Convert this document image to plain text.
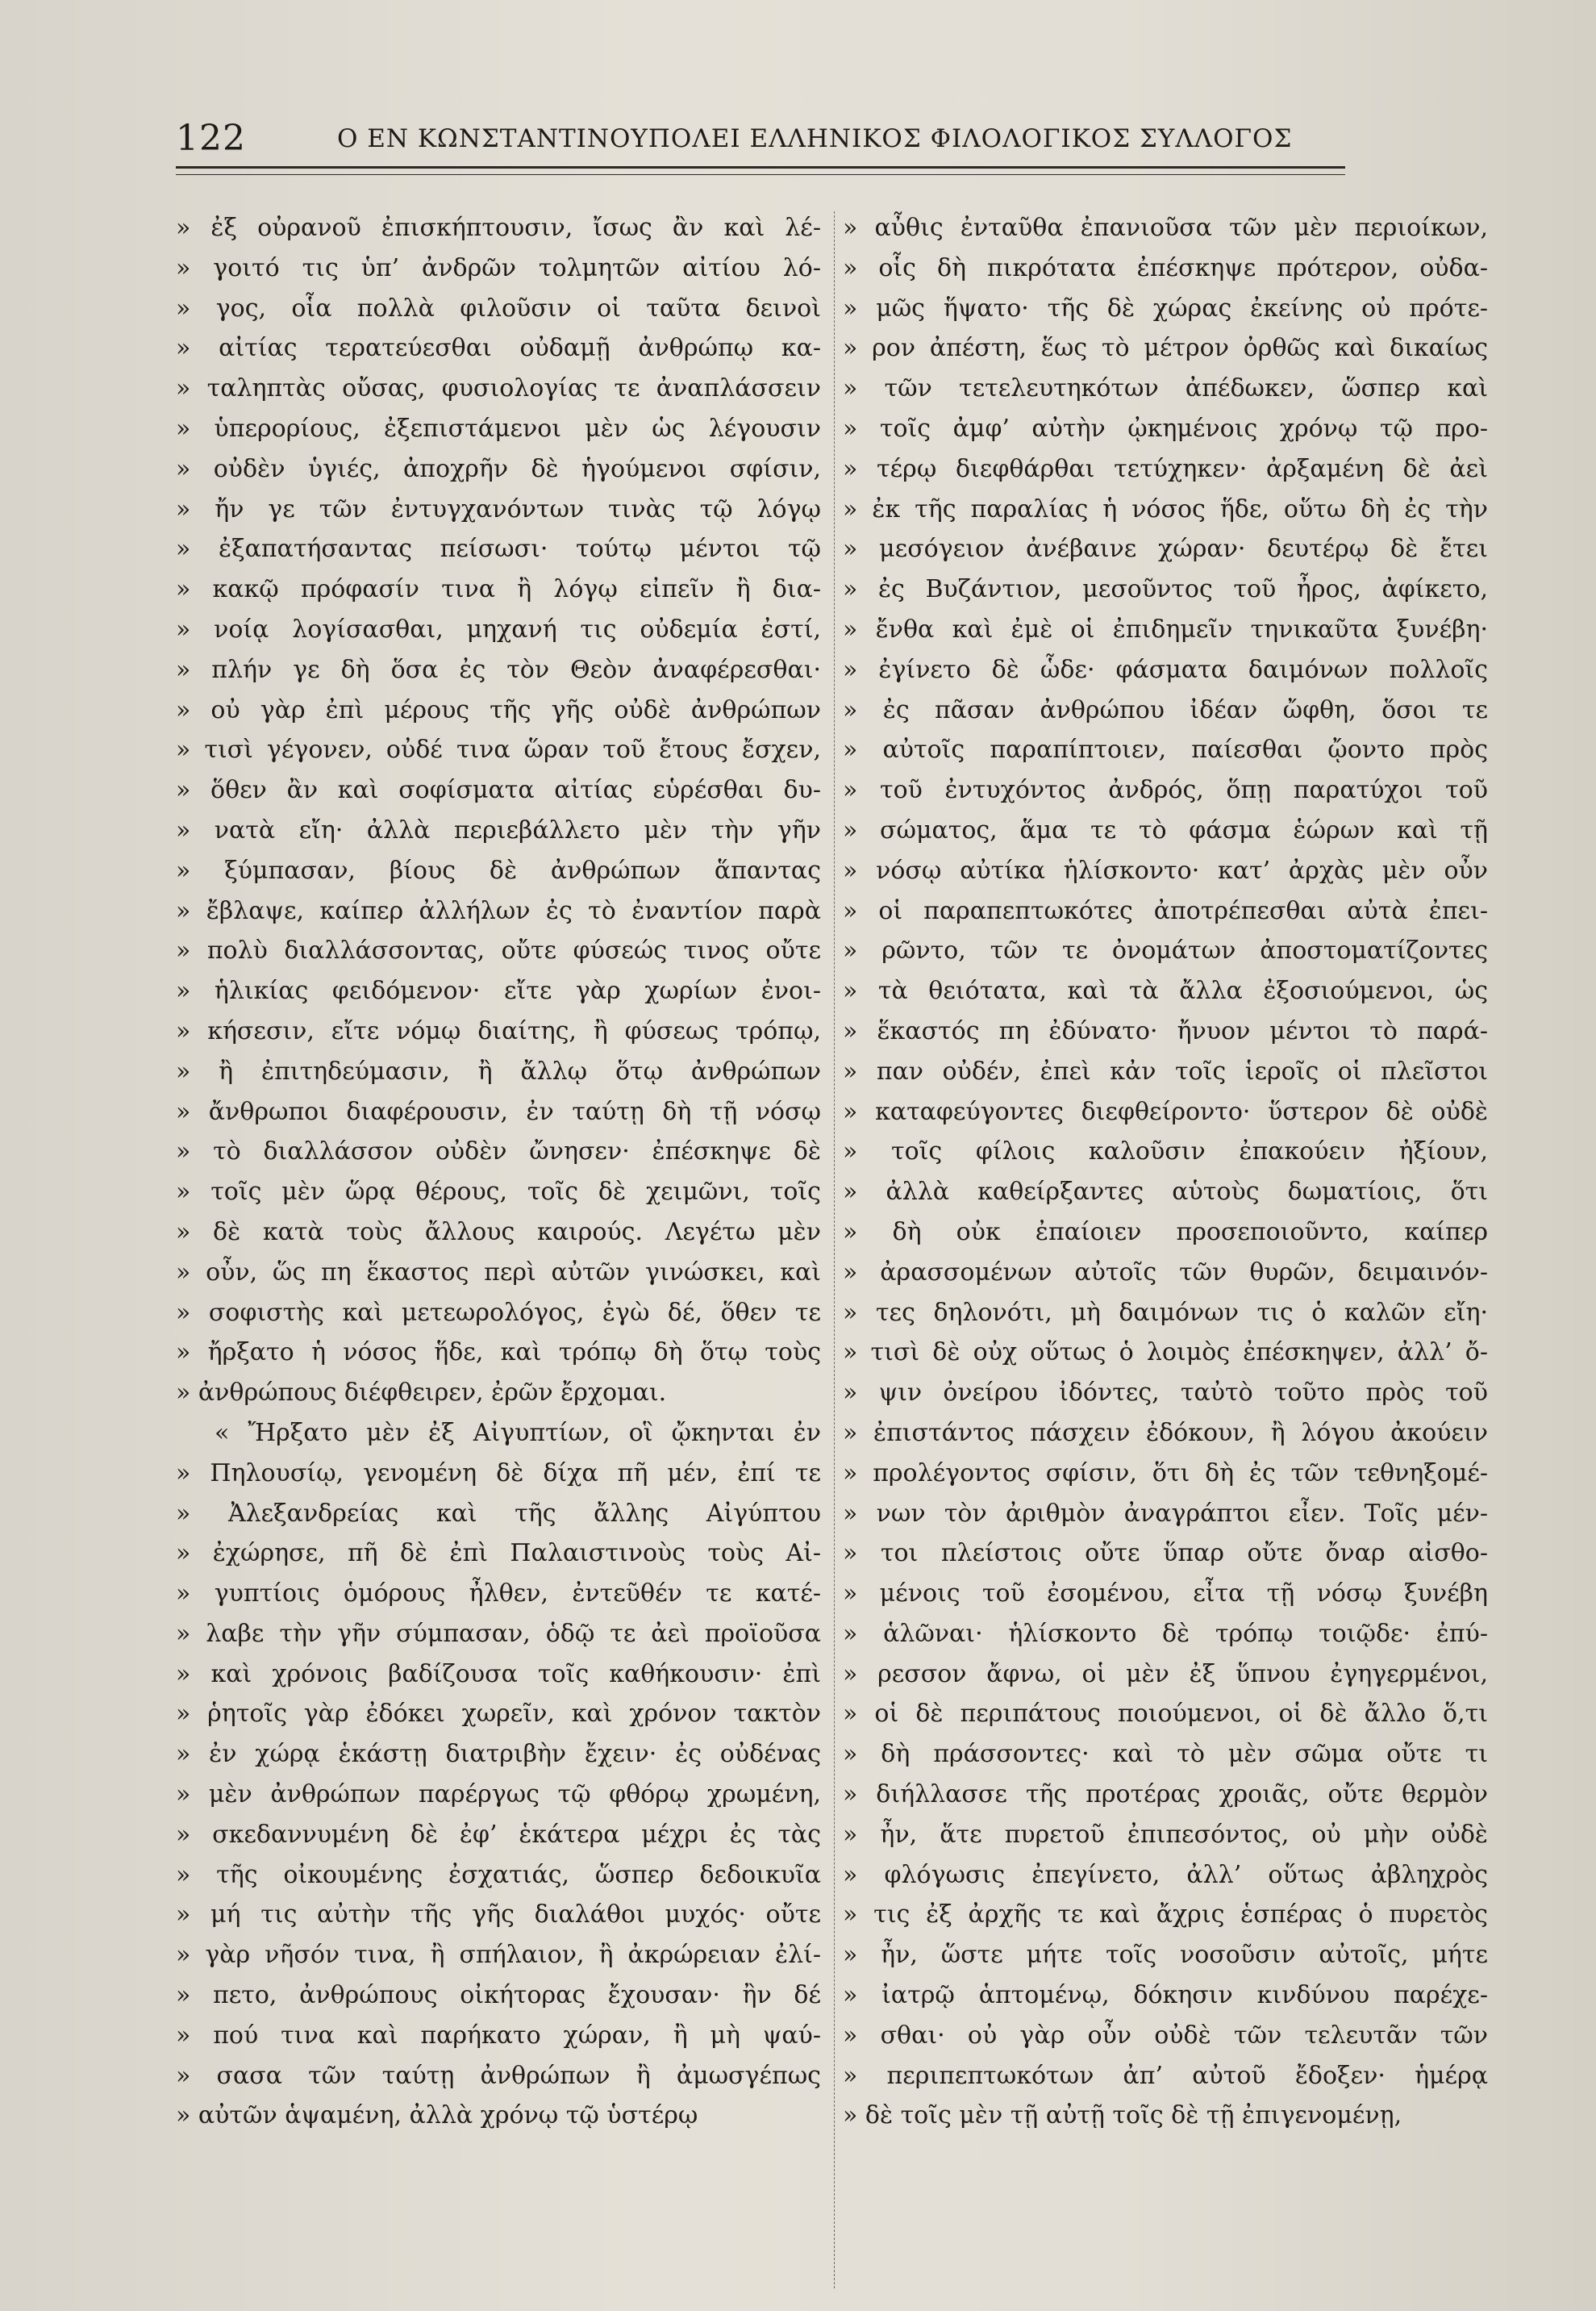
122	Ο ΕΝ ΚΩΝΣΤΑΝΤΙΝΟΥΠΟΛΕΙ ΕΛΛΗΝΙΚΟΣ ΦΙΛΟΛΟΓΙΚΟΣ ΣΥΛΛΟΓΟΣ
» ἐξ οὐρανοῦ ἐπισκήπτουσιν, ἴσως ἂν καὶ λέ-
» γοιτό τις ὑπ’ ἀνδρῶν τολμητῶν αἰτίου λό-
» γος, οἷα πολλὰ φιλοῦσιν οἱ ταῦτα δεινοὶ
» αἰτίας τερατεύεσθαι οὐδαμῇ ἀνθρώπῳ κα-
» ταληπτὰς οὔσας, φυσιολογίας τε ἀναπλάσσειν
» ὑπερορίους, ἐξεπιστάμενοι μὲν ὡς λέγουσιν
» οὐδὲν ὑγιές, ἀποχρῆν δὲ ἡγούμενοι σφίσιν,
» ἤν γε τῶν ἐντυγχανόντων τινὰς τῷ λόγῳ
» ἐξαπατήσαντας πείσωσι· τούτῳ μέντοι τῷ
» κακῷ πρόφασίν τινα ἢ λόγῳ εἰπεῖν ἢ δια-
» νοίᾳ λογίσασθαι, μηχανή τις οὐδεμία ἐστί,
» πλήν γε δὴ ὅσα ἐς τὸν Θεὸν ἀναφέρεσθαι·
» οὐ γὰρ ἐπὶ μέρους τῆς γῆς οὐδὲ ἀνθρώπων
» τισὶ γέγονεν, οὐδέ τινα ὥραν τοῦ ἔτους ἔσχεν,
» ὅθεν ἂν καὶ σοφίσματα αἰτίας εὑρέσθαι δυ-
» νατὰ εἴη· ἀλλὰ περιεβάλλετο μὲν τὴν γῆν
» ξύμπασαν, βίους δὲ ἀνθρώπων ἅπαντας
» ἔβλαψε, καίπερ ἀλλήλων ἐς τὸ ἐναντίον παρὰ
» πολὺ διαλλάσσοντας, οὔτε φύσεώς τινος οὔτε
» ἡλικίας φειδόμενον· εἴτε γὰρ χωρίων ἐνοι-
» κήσεσιν, εἴτε νόμῳ διαίτης, ἢ φύσεως τρόπῳ,
» ἢ ἐπιτηδεύμασιν, ἢ ἄλλῳ ὅτῳ ἀνθρώπων
» ἄνθρωποι διαφέρουσιν, ἐν ταύτῃ δὴ τῇ νόσῳ
» τὸ διαλλάσσον οὐδὲν ὤνησεν· ἐπέσκηψε δὲ
» τοῖς μὲν ὥρᾳ θέρους, τοῖς δὲ χειμῶνι, τοῖς
» δὲ κατὰ τοὺς ἄλλους καιρούς. Λεγέτω μὲν
» οὖν, ὥς πη ἕκαστος περὶ αὐτῶν γινώσκει, καὶ
» σοφιστὴς καὶ μετεωρολόγος, ἐγὼ δέ, ὅθεν τε
» ἤρξατο ἡ νόσος ἥδε, καὶ τρόπῳ δὴ ὅτῳ τοὺς
» ἀνθρώπους διέφθειρεν, ἐρῶν ἔρχομαι.
« Ἤρξατο μὲν ἐξ Αἰγυπτίων, οἳ ᾤκηνται ἐν
» Πηλουσίῳ, γενομένη δὲ δίχα πῆ μέν, ἐπί τε
» Ἀλεξανδρείας καὶ τῆς ἄλλης Αἰγύπτου
» ἐχώρησε, πῆ δὲ ἐπὶ Παλαιστινοὺς τοὺς Αἰ-
» γυπτίοις ὁμόρους ἦλθεν, ἐντεῦθέν τε κατέ-
» λαβε τὴν γῆν σύμπασαν, ὁδῷ τε ἀεὶ προϊοῦσα
» καὶ χρόνοις βαδίζουσα τοῖς καθήκουσιν· ἐπὶ
» ῥητοῖς γὰρ ἐδόκει χωρεῖν, καὶ χρόνον τακτὸν
» ἐν χώρᾳ ἑκάστῃ διατριβὴν ἔχειν· ἐς οὐδένας
» μὲν ἀνθρώπων παρέργως τῷ φθόρῳ χρωμένη,
» σκεδαννυμένη δὲ ἐφ’ ἑκάτερα μέχρι ἐς τὰς
» τῆς οἰκουμένης ἐσχατιάς, ὥσπερ δεδοικυῖα
» μή τις αὐτὴν τῆς γῆς διαλάθοι μυχός· οὔτε
» γὰρ νῆσόν τινα, ἢ σπήλαιον, ἢ ἀκρώρειαν ἐλί-
» πετο, ἀνθρώπους οἰκήτορας ἔχουσαν· ἢν δέ
» πού τινα καὶ παρήκατο χώραν, ἢ μὴ ψαύ-
» σασα τῶν ταύτῃ ἀνθρώπων ἢ ἀμωσγέπως
» αὐτῶν ἁψαμένη, ἀλλὰ χρόνῳ τῷ ὑστέρῳ
» αὖθις ἐνταῦθα ἐπανιοῦσα τῶν μὲν περιοίκων,
» οἷς δὴ πικρότατα ἐπέσκηψε πρότερον, οὐδα-
» μῶς ἥψατο· τῆς δὲ χώρας ἐκείνης οὐ πρότε-
» ρον ἀπέστη, ἕως τὸ μέτρον ὀρθῶς καὶ δικαίως
» τῶν τετελευτηκότων ἀπέδωκεν, ὥσπερ καὶ
» τοῖς ἀμφ’ αὐτὴν ᾠκημένοις χρόνῳ τῷ προ-
» τέρῳ διεφθάρθαι τετύχηκεν· ἀρξαμένη δὲ ἀεὶ
» ἐκ τῆς παραλίας ἡ νόσος ἥδε, οὕτω δὴ ἐς τὴν
» μεσόγειον ἀνέβαινε χώραν· δευτέρῳ δὲ ἔτει
» ἐς Βυζάντιον, μεσοῦντος τοῦ ἦρος, ἀφίκετο,
» ἔνθα καὶ ἐμὲ οἱ ἐπιδημεῖν τηνικαῦτα ξυνέβη·
» ἐγίνετο δὲ ὧδε· φάσματα δαιμόνων πολλοῖς
» ἐς πᾶσαν ἀνθρώπου ἰδέαν ὤφθη, ὅσοι τε
» αὐτοῖς παραπίπτοιεν, παίεσθαι ᾤοντο πρὸς
» τοῦ ἐντυχόντος ἀνδρός, ὅπῃ παρατύχοι τοῦ
» σώματος, ἅμα τε τὸ φάσμα ἑώρων καὶ τῇ
» νόσῳ αὐτίκα ἡλίσκοντο· κατ’ ἀρχὰς μὲν οὖν
» οἱ παραπεπτωκότες ἀποτρέπεσθαι αὐτὰ ἐπει-
» ρῶντο, τῶν τε ὀνομάτων ἀποστοματίζοντες
» τὰ θειότατα, καὶ τὰ ἄλλα ἐξοσιούμενοι, ὡς
» ἕκαστός πη ἐδύνατο· ἤνυον μέντοι τὸ παρά-
» παν οὐδέν, ἐπεὶ κἀν τοῖς ἱεροῖς οἱ πλεῖστοι
» καταφεύγοντες διεφθείροντο· ὕστερον δὲ οὐδὲ
» τοῖς φίλοις καλοῦσιν ἐπακούειν ἠξίουν,
» ἀλλὰ καθείρξαντες αὑτοὺς δωματίοις, ὅτι
» δὴ οὐκ ἐπαίοιεν προσεποιοῦντο, καίπερ
» ἀρασσομένων αὐτοῖς τῶν θυρῶν, δειμαινόν-
» τες δηλονότι, μὴ δαιμόνων τις ὁ καλῶν εἴη·
» τισὶ δὲ οὐχ οὕτως ὁ λοιμὸς ἐπέσκηψεν, ἀλλ’ ὄ-
» ψιν ὀνείρου ἰδόντες, ταὐτὸ τοῦτο πρὸς τοῦ
» ἐπιστάντος πάσχειν ἐδόκουν, ἢ λόγου ἀκούειν
» προλέγοντος σφίσιν, ὅτι δὴ ἐς τῶν τεθνηξομέ-
» νων τὸν ἀριθμὸν ἀναγράπτοι εἶεν. Τοῖς μέν-
» τοι πλείστοις οὔτε ὕπαρ οὔτε ὄναρ αἰσθο-
» μένοις τοῦ ἐσομένου, εἶτα τῇ νόσῳ ξυνέβη
» ἁλῶναι· ἡλίσκοντο δὲ τρόπῳ τοιῷδε· ἐπύ-
» ρεσσον ἄφνω, οἱ μὲν ἐξ ὕπνου ἐγηγερμένοι,
» οἱ δὲ περιπάτους ποιούμενοι, οἱ δὲ ἄλλο ὅ,τι
» δὴ πράσσοντες· καὶ τὸ μὲν σῶμα οὔτε τι
» διήλλασσε τῆς προτέρας χροιᾶς, οὔτε θερμὸν
» ἦν, ἅτε πυρετοῦ ἐπιπεσόντος, οὐ μὴν οὐδὲ
» φλόγωσις ἐπεγίνετο, ἀλλ’ οὕτως ἀβληχρὸς
» τις ἐξ ἀρχῆς τε καὶ ἄχρις ἑσπέρας ὁ πυρετὸς
» ἦν, ὥστε μήτε τοῖς νοσοῦσιν αὐτοῖς, μήτε
» ἰατρῷ ἁπτομένῳ, δόκησιν κινδύνου παρέχε-
» σθαι· οὐ γὰρ οὖν οὐδὲ τῶν τελευτᾶν τῶν
» περιπεπτωκότων ἀπ’ αὐτοῦ ἔδοξεν· ἡμέρᾳ
» δὲ τοῖς μὲν τῇ αὐτῇ τοῖς δὲ τῇ ἐπιγενομένῃ,
